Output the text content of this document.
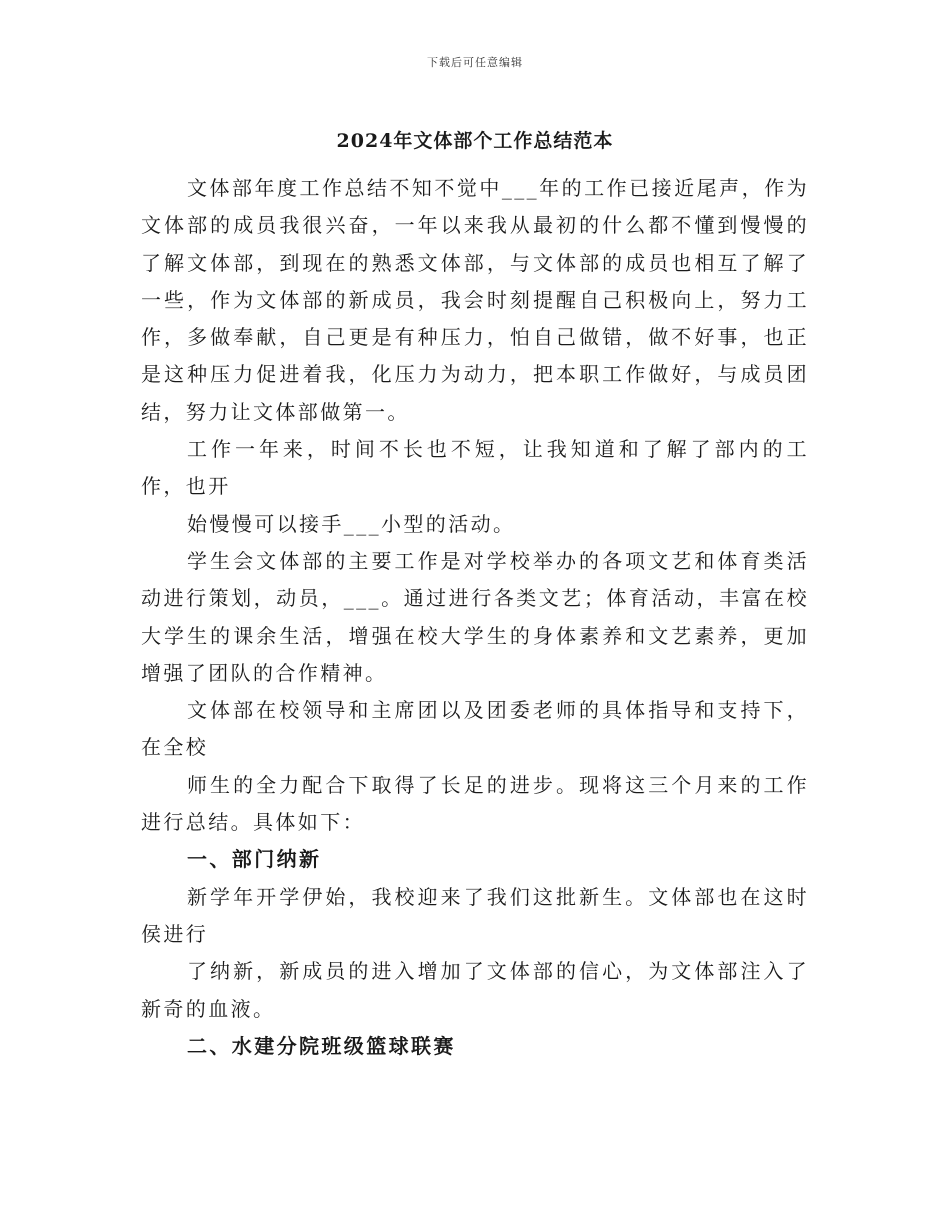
下载后可任意编辑
2024年文体部个工作总结范本

文体部年度工作总结不知不觉中___年的工作已接近尾声，作为文体部的成员我很兴奋，一年以来我从最初的什么都不懂到慢慢的了解文体部，到现在的熟悉文体部，与文体部的成员也相互了解了一些，作为文体部的新成员，我会时刻提醒自己积极向上，努力工作，多做奉献，自己更是有种压力，怕自己做错，做不好事，也正是这种压力促进着我，化压力为动力，把本职工作做好，与成员团结，努力让文体部做第一。

工作一年来，时间不长也不短，让我知道和了解了部内的工作，也开

始慢慢可以接手___小型的活动。

学生会文体部的主要工作是对学校举办的各项文艺和体育类活动进行策划，动员，___。通过进行各类文艺；体育活动，丰富在校大学生的课余生活，增强在校大学生的身体素养和文艺素养，更加增强了团队的合作精神。

文体部在校领导和主席团以及团委老师的具体指导和支持下，在全校

师生的全力配合下取得了长足的进步。现将这三个月来的工作进行总结。具体如下：

一、部门纳新

新学年开学伊始，我校迎来了我们这批新生。文体部也在这时侯进行

了纳新，新成员的进入增加了文体部的信心，为文体部注入了新奇的血液。

二、水建分院班级篮球联赛
